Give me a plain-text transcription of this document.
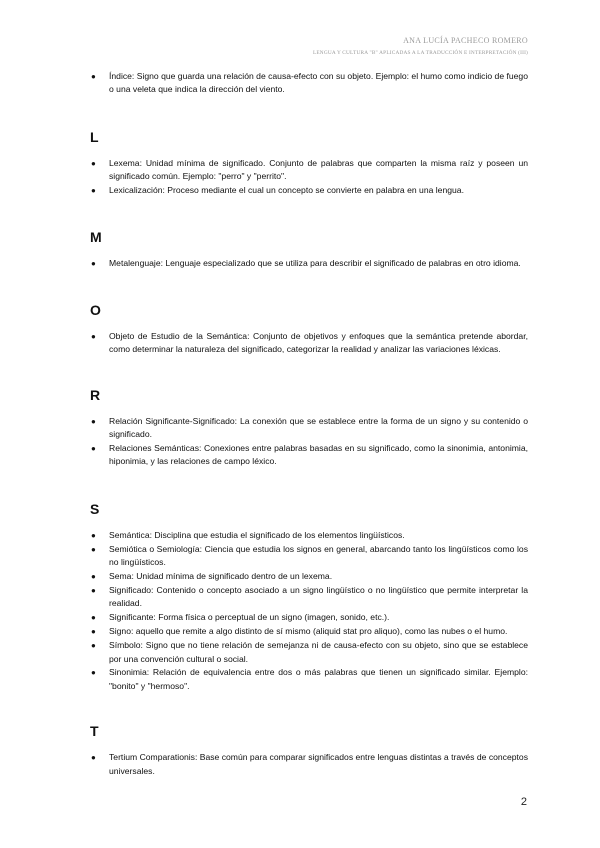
ANA LUCÍA PACHECO ROMERO
LENGUA Y CULTURA "B" APLICADAS A LA TRADUCCIÓN E INTERPRETACIÓN (III)
● Índice: Signo que guarda una relación de causa-efecto con su objeto. Ejemplo: el humo como indicio de fuego o una veleta que indica la dirección del viento.
L
● Lexema: Unidad mínima de significado. Conjunto de palabras que comparten la misma raíz y poseen un significado común. Ejemplo: "perro" y "perrito".
● Lexicalización: Proceso mediante el cual un concepto se convierte en palabra en una lengua.
M
● Metalenguaje: Lenguaje especializado que se utiliza para describir el significado de palabras en otro idioma.
O
● Objeto de Estudio de la Semántica: Conjunto de objetivos y enfoques que la semántica pretende abordar, como determinar la naturaleza del significado, categorizar la realidad y analizar las variaciones léxicas.
R
● Relación Significante-Significado: La conexión que se establece entre la forma de un signo y su contenido o significado.
● Relaciones Semánticas: Conexiones entre palabras basadas en su significado, como la sinonimia, antonimia, hiponimia, y las relaciones de campo léxico.
S
● Semántica: Disciplina que estudia el significado de los elementos lingüísticos.
● Semiótica o Semiología: Ciencia que estudia los signos en general, abarcando tanto los lingüísticos como los no lingüísticos.
● Sema: Unidad mínima de significado dentro de un lexema.
● Significado: Contenido o concepto asociado a un signo lingüístico o no lingüístico que permite interpretar la realidad.
● Significante: Forma física o perceptual de un signo (imagen, sonido, etc.).
● Signo: aquello que remite a algo distinto de sí mismo (aliquid stat pro aliquo), como las nubes o el humo.
● Símbolo: Signo que no tiene relación de semejanza ni de causa-efecto con su objeto, sino que se establece por una convención cultural o social.
● Sinonimia: Relación de equivalencia entre dos o más palabras que tienen un significado similar. Ejemplo: "bonito" y "hermoso".
T
● Tertium Comparationis: Base común para comparar significados entre lenguas distintas a través de conceptos universales.
2
